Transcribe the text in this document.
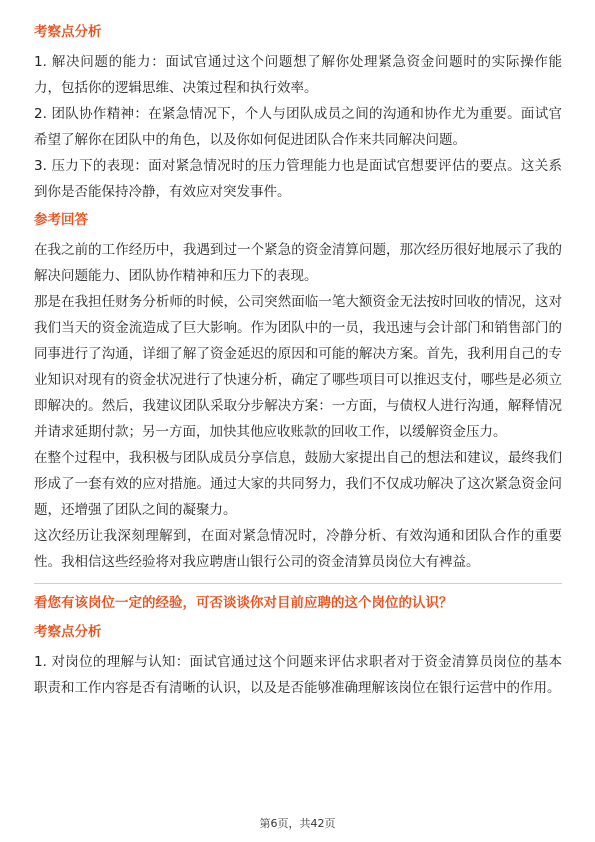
考察点分析

1. 解决问题的能力：面试官通过这个问题想了解你处理紧急资金问题时的实际操作能力，包括你的逻辑思维、决策过程和执行效率。

2. 团队协作精神：在紧急情况下，个人与团队成员之间的沟通和协作尤为重要。面试官希望了解你在团队中的角色，以及你如何促进团队合作来共同解决问题。

3. 压力下的表现：面对紧急情况时的压力管理能力也是面试官想要评估的要点。这关系到你是否能保持冷静，有效应对突发事件。

参考回答

在我之前的工作经历中，我遇到过一个紧急的资金清算问题，那次经历很好地展示了我的解决问题能力、团队协作精神和压力下的表现。

那是在我担任财务分析师的时候，公司突然面临一笔大额资金无法按时回收的情况，这对我们当天的资金流造成了巨大影响。作为团队中的一员，我迅速与会计部门和销售部门的同事进行了沟通，详细了解了资金延迟的原因和可能的解决方案。首先，我利用自己的专业知识对现有的资金状况进行了快速分析，确定了哪些项目可以推迟支付，哪些是必须立即解决的。然后，我建议团队采取分步解决方案：一方面，与债权人进行沟通，解释情况并请求延期付款；另一方面，加快其他应收账款的回收工作，以缓解资金压力。

在整个过程中，我积极与团队成员分享信息，鼓励大家提出自己的想法和建议，最终我们形成了一套有效的应对措施。通过大家的共同努力，我们不仅成功解决了这次紧急资金问题，还增强了团队之间的凝聚力。

这次经历让我深刻理解到，在面对紧急情况时，冷静分析、有效沟通和团队合作的重要性。我相信这些经验将对我应聘唐山银行公司的资金清算员岗位大有裨益。

看您有该岗位一定的经验，可否谈谈你对目前应聘的这个岗位的认识？
考察点分析

1. 对岗位的理解与认知：面试官通过这个问题来评估求职者对于资金清算员岗位的基本职责和工作内容是否有清晰的认识，以及是否能够准确理解该岗位在银行运营中的作用。

第6页，共42页
